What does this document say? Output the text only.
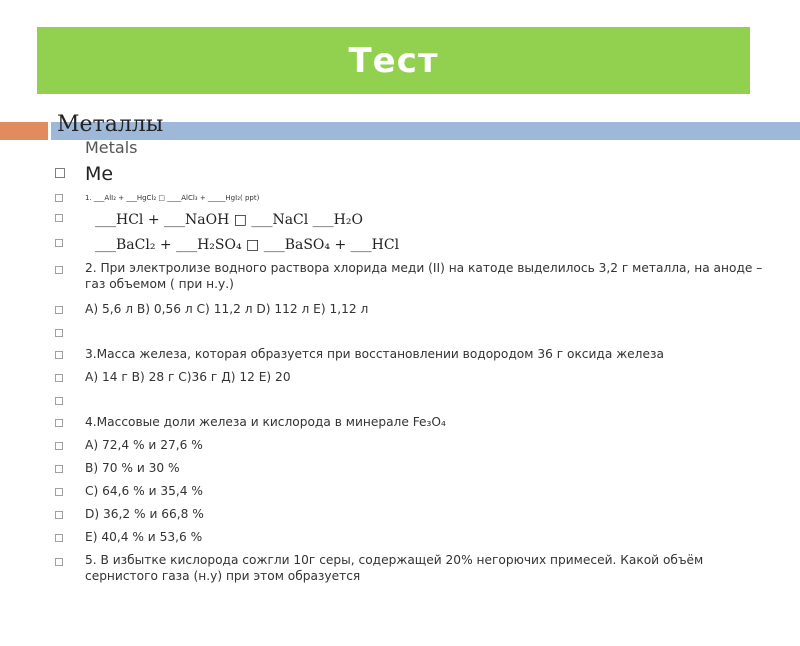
Тест
Металлы
Metals
Me
1. ___AlI₂ + ___HgCl₂ □ ____AlCl₃ + _____HgI₂( ppt)
___HCl + ___NaOH □ ___NaCl ___H₂O
___BaCl₂ + ___H₂SO₄ □ ___BaSO₄ + ___HCl
2. При электролизе водного раствора хлорида меди (II) на катоде выделилось 3,2 г металла, на аноде – газ объемом ( при н.у.)
А) 5,6 л В) 0,56 л С) 11,2 л D) 112 л Е) 1,12 л
3.Масса железа, которая образуется при восстановлении водородом 36 г оксида железа
А) 14 г В) 28 г С)36 г Д) 12 Е) 20
4.Массовые доли железа и кислорода в минерале Fe₃O₄
А) 72,4 % и 27,6 %
В) 70 % и 30 %
С) 64,6 % и 35,4 %
D) 36,2 % и 66,8 %
Е) 40,4 % и 53,6 %
5. В избытке кислорода сожгли 10г серы, содержащей 20% негорючих примесей. Какой объём сернистого газа (н.у) при этом образуется
